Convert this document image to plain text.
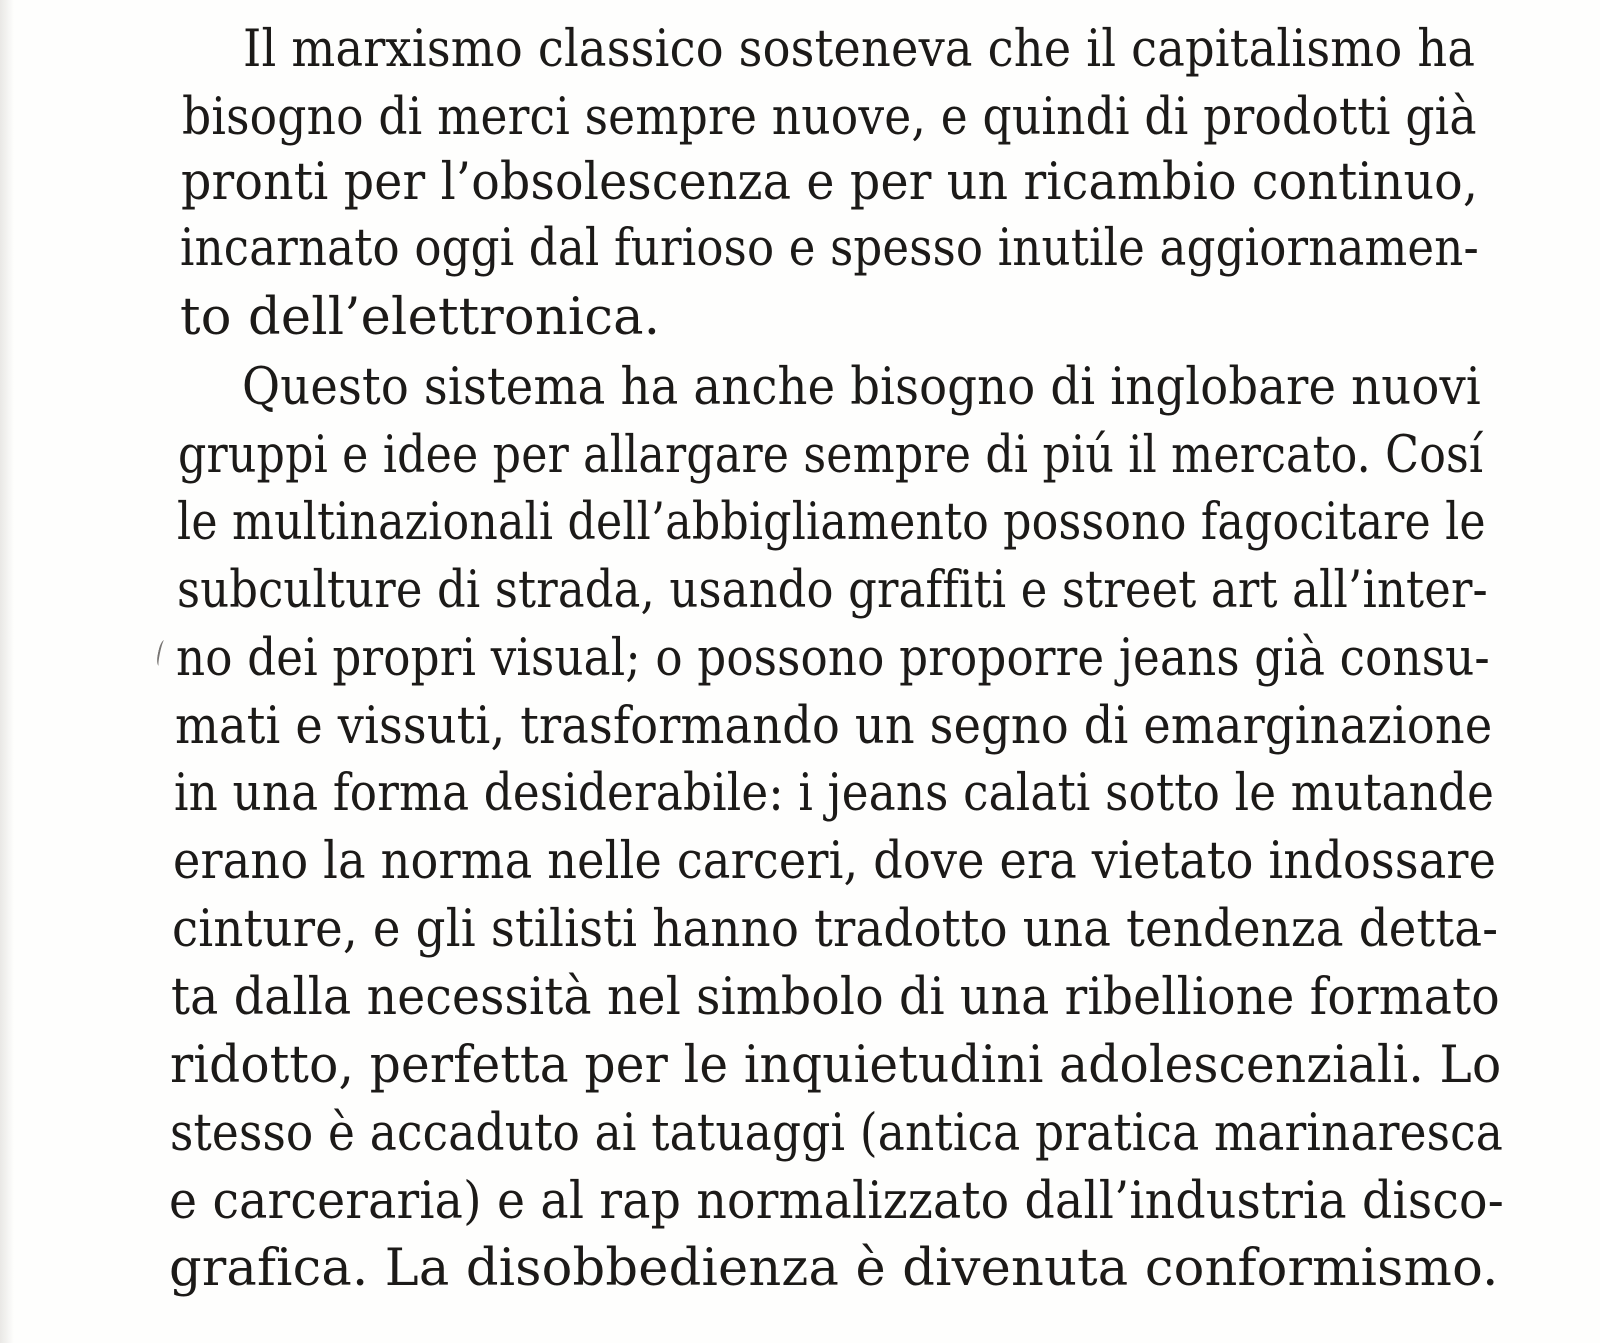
Il marxismo classico sosteneva che il capitalismo ha
bisogno di merci sempre nuove, e quindi di prodotti già
pronti per l’obsolescenza e per un ricambio continuo,
incarnato oggi dal furioso e spesso inutile aggiornamen-
to dell’elettronica.
Questo sistema ha anche bisogno di inglobare nuovi
gruppi e idee per allargare sempre di piú il mercato. Cosí
le multinazionali dell’abbigliamento possono fagocitare le
subculture di strada, usando graffiti e street art all’inter-
no dei propri visual; o possono proporre jeans già consu-
mati e vissuti, trasformando un segno di emarginazione
in una forma desiderabile: i jeans calati sotto le mutande
erano la norma nelle carceri, dove era vietato indossare
cinture, e gli stilisti hanno tradotto una tendenza detta-
ta dalla necessità nel simbolo di una ribellione formato
ridotto, perfetta per le inquietudini adolescenziali. Lo
stesso è accaduto ai tatuaggi (antica pratica marinaresca
e carceraria) e al rap normalizzato dall’industria disco-
grafica. La disobbedienza è divenuta conformismo.
